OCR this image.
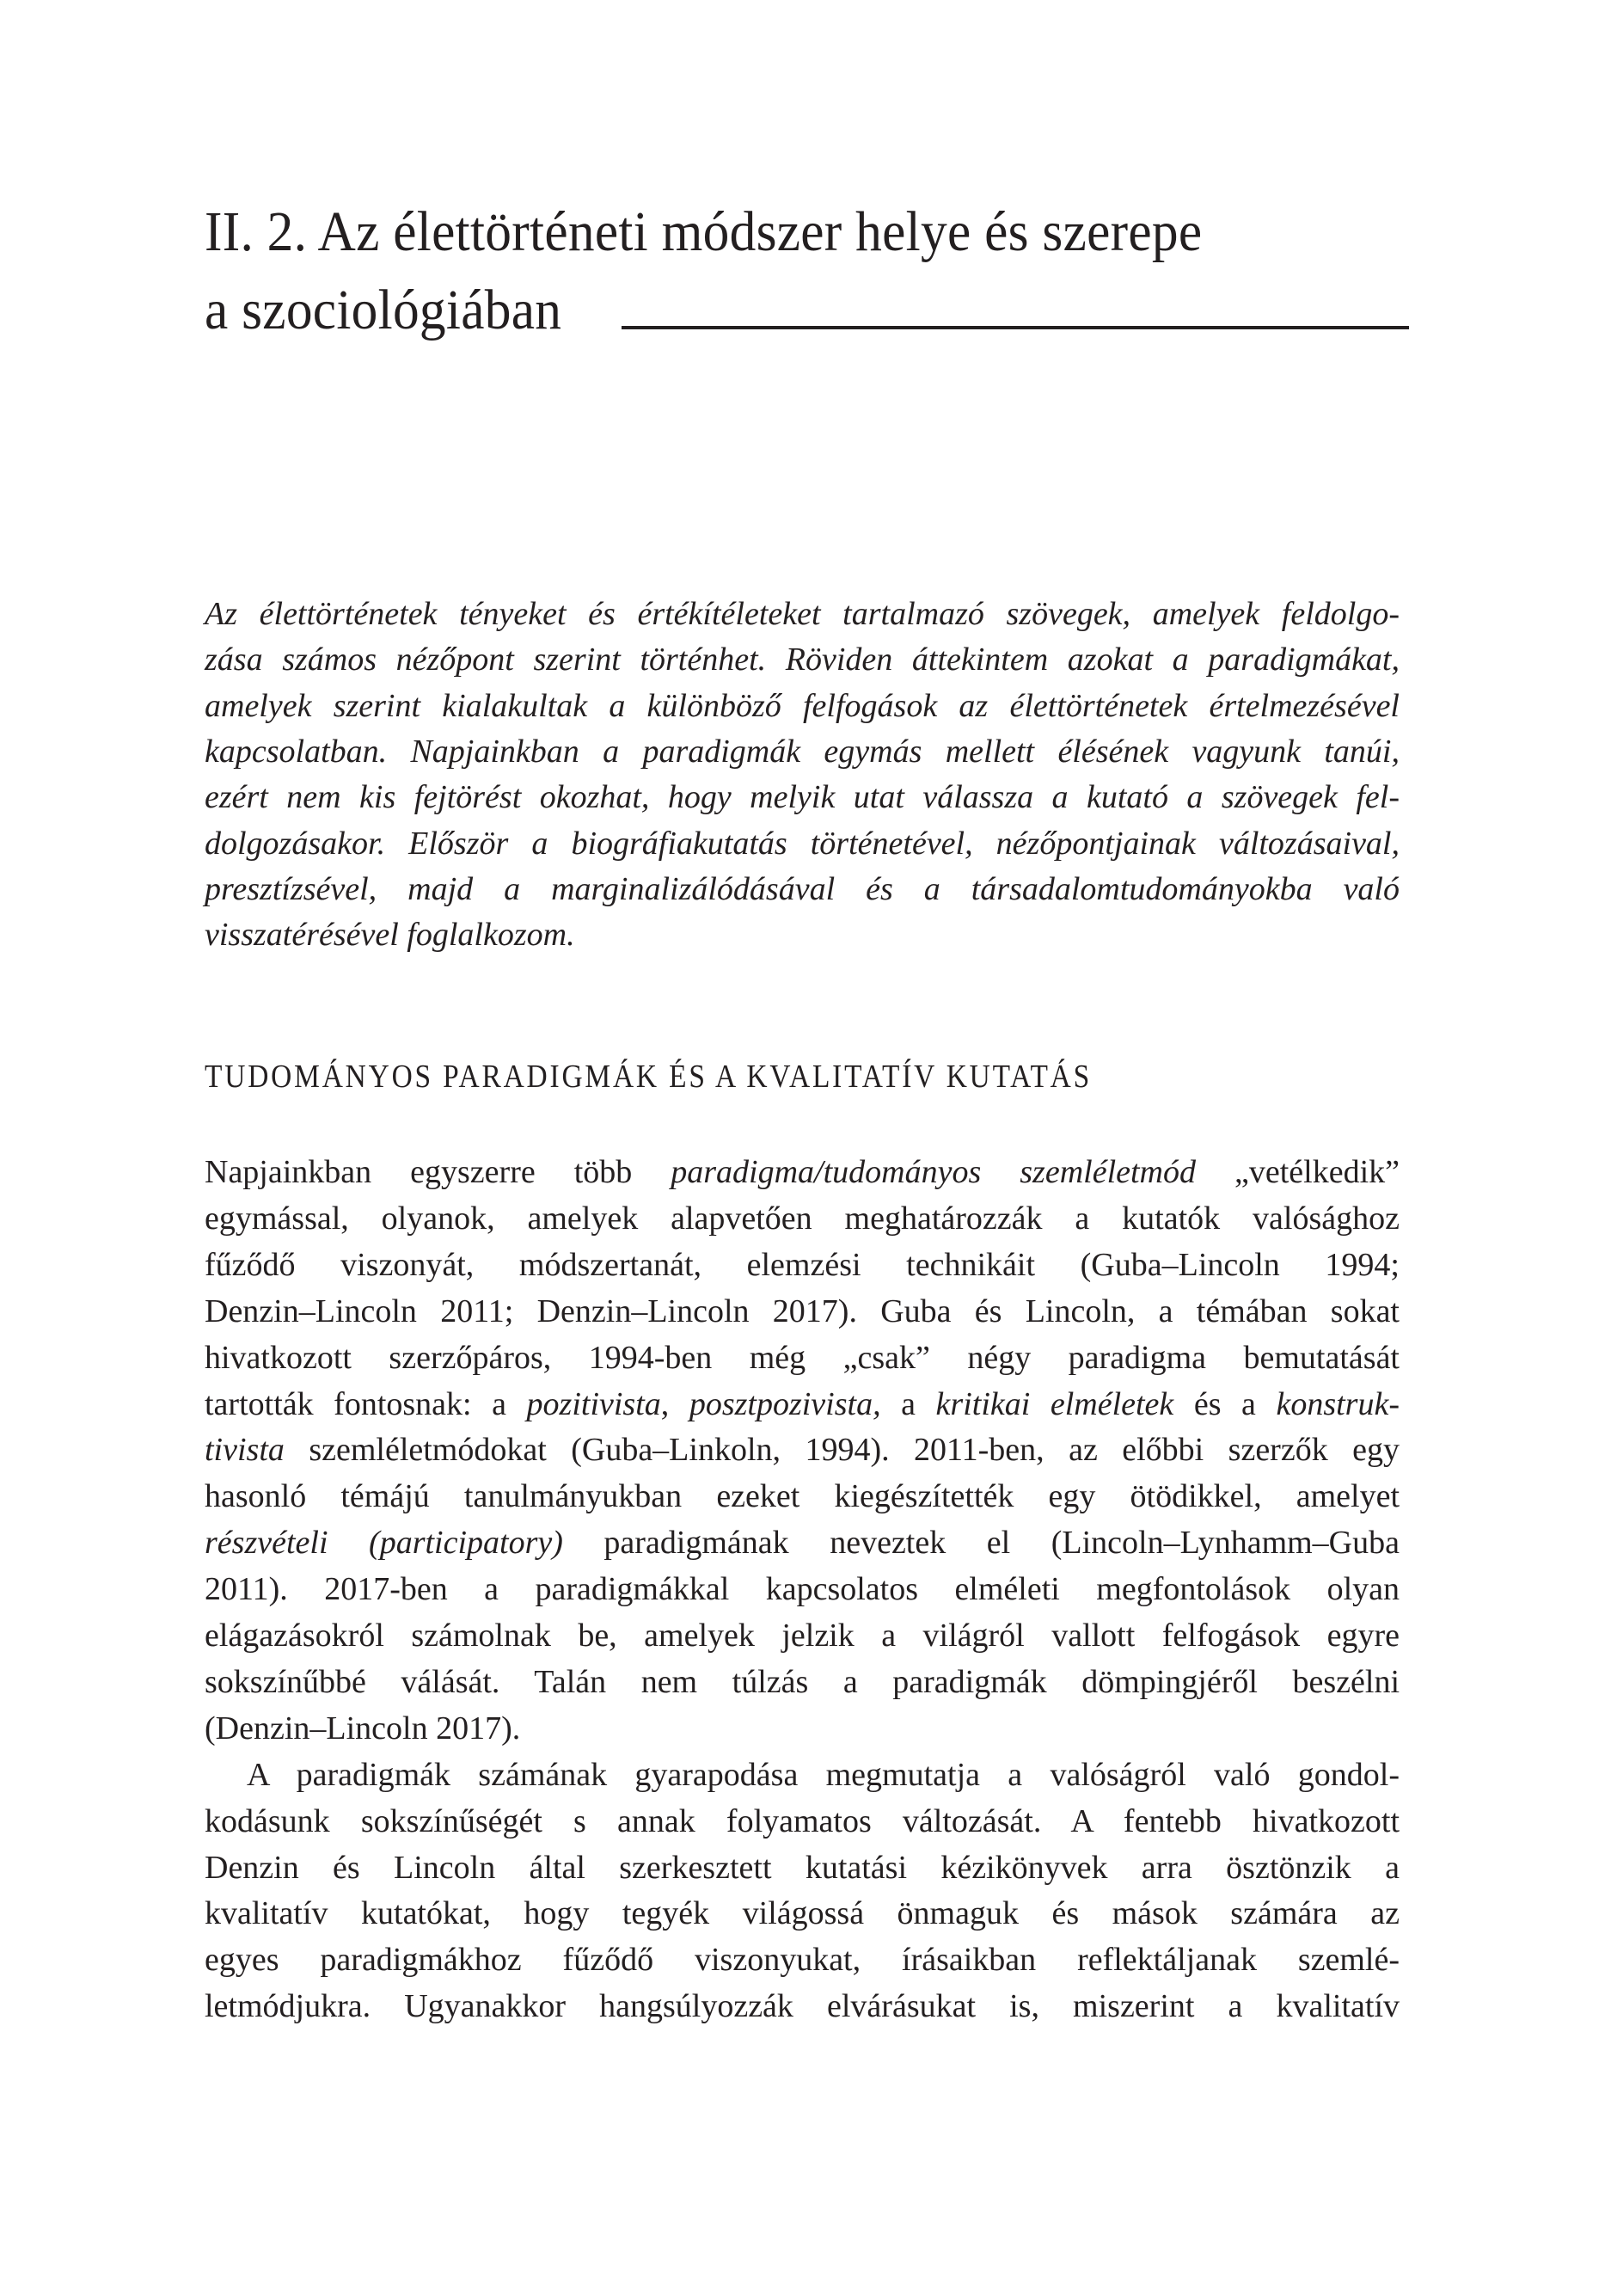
II. 2. Az élettörténeti módszer helye és szerepe
a szociológiában
Az élettörténetek tényeket és értékítéleteket tartalmazó szövegek, amelyek feldolgo-
zása számos nézőpont szerint történhet. Röviden áttekintem azokat a paradigmákat,
amelyek szerint kialakultak a különböző felfogások az élettörténetek értelmezésével
kapcsolatban. Napjainkban a paradigmák egymás mellett élésének vagyunk tanúi,
ezért nem kis fejtörést okozhat, hogy melyik utat válassza a kutató a szövegek fel-
dolgozásakor. Először a biográfiakutatás történetével, nézőpontjainak változásaival,
presztízsével, majd a marginalizálódásával és a társadalomtudományokba való
visszatérésével foglalkozom.
TUDOMÁNYOS PARADIGMÁK ÉS A KVALITATÍV KUTATÁS
Napjainkban egyszerre több paradigma/tudományos szemléletmód „vetélkedik”
egymással, olyanok, amelyek alapvetően meghatározzák a kutatók valósághoz
fűződő viszonyát, módszertanát, elemzési technikáit (Guba–Lincoln 1994;
Denzin–Lincoln 2011; Denzin–Lincoln 2017). Guba és Lincoln, a témában sokat
hivatkozott szerzőpáros, 1994-ben még „csak” négy paradigma bemutatását
tartották fontosnak: a pozitivista, posztpozivista, a kritikai elméletek és a konstruk-
tivista szemléletmódokat (Guba–Linkoln, 1994). 2011-ben, az előbbi szerzők egy
hasonló témájú tanulmányukban ezeket kiegészítették egy ötödikkel, amelyet
részvételi (participatory) paradigmának neveztek el (Lincoln–Lynhamm–Guba
2011). 2017-ben a paradigmákkal kapcsolatos elméleti megfontolások olyan
elágazásokról számolnak be, amelyek jelzik a világról vallott felfogások egyre
sokszínűbbé válását. Talán nem túlzás a paradigmák dömpingjéről beszélni
(Denzin–Lincoln 2017).
A paradigmák számának gyarapodása megmutatja a valóságról való gondol-
kodásunk sokszínűségét s annak folyamatos változását. A fentebb hivatkozott
Denzin és Lincoln által szerkesztett kutatási kézikönyvek arra ösztönzik a
kvalitatív kutatókat, hogy tegyék világossá önmaguk és mások számára az
egyes paradigmákhoz fűződő viszonyukat, írásaikban reflektáljanak szemlé-
letmódjukra. Ugyanakkor hangsúlyozzák elvárásukat is, miszerint a kvalitatív
